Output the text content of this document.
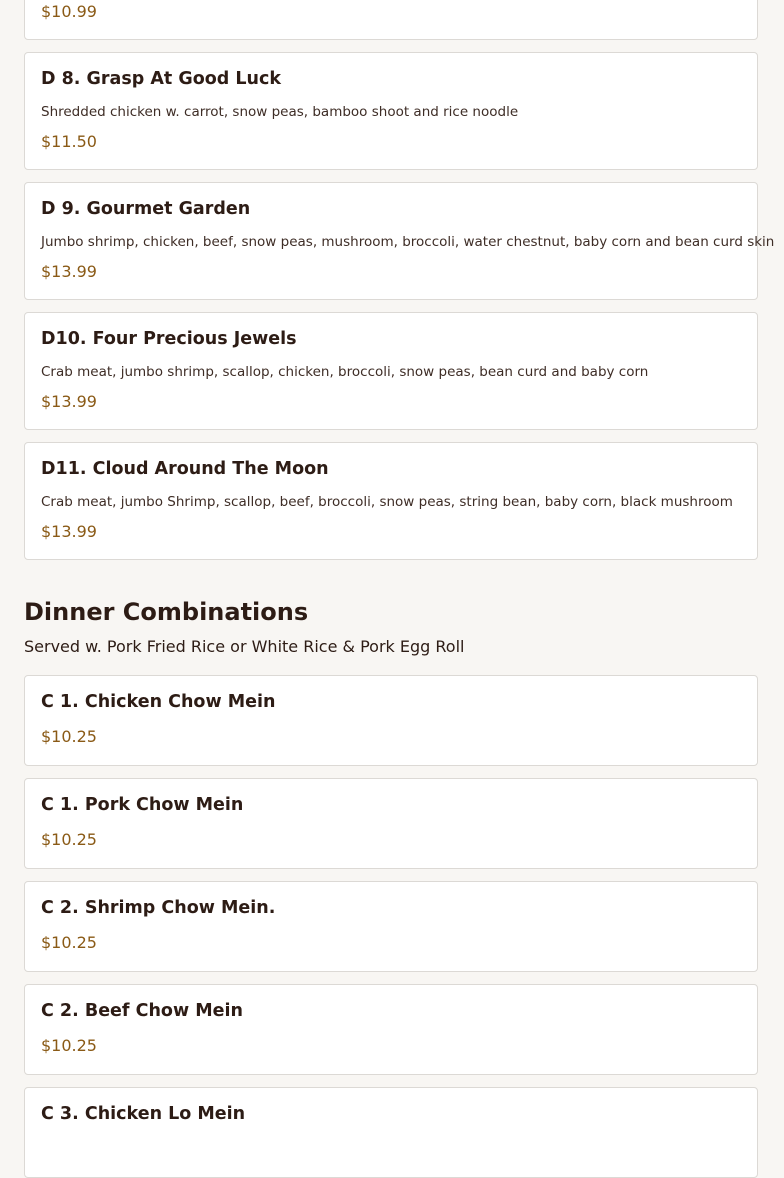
$10.99
D 8. Grasp At Good Luck
Shredded chicken w. carrot, snow peas, bamboo shoot and rice noodle
$11.50
D 9. Gourmet Garden
Jumbo shrimp, chicken, beef, snow peas, mushroom, broccoli, water chestnut, baby corn and bean curd skin
$13.99
D10. Four Precious Jewels
Crab meat, jumbo shrimp, scallop, chicken, broccoli, snow peas, bean curd and baby corn
$13.99
D11. Cloud Around The Moon
Crab meat, jumbo Shrimp, scallop, beef, broccoli, snow peas, string bean, baby corn, black mushroom
$13.99
Dinner Combinations
Served w. Pork Fried Rice or White Rice & Pork Egg Roll
C 1. Chicken Chow Mein
$10.25
C 1. Pork Chow Mein
$10.25
C 2. Shrimp Chow Mein.
$10.25
C 2. Beef Chow Mein
$10.25
C 3. Chicken Lo Mein
